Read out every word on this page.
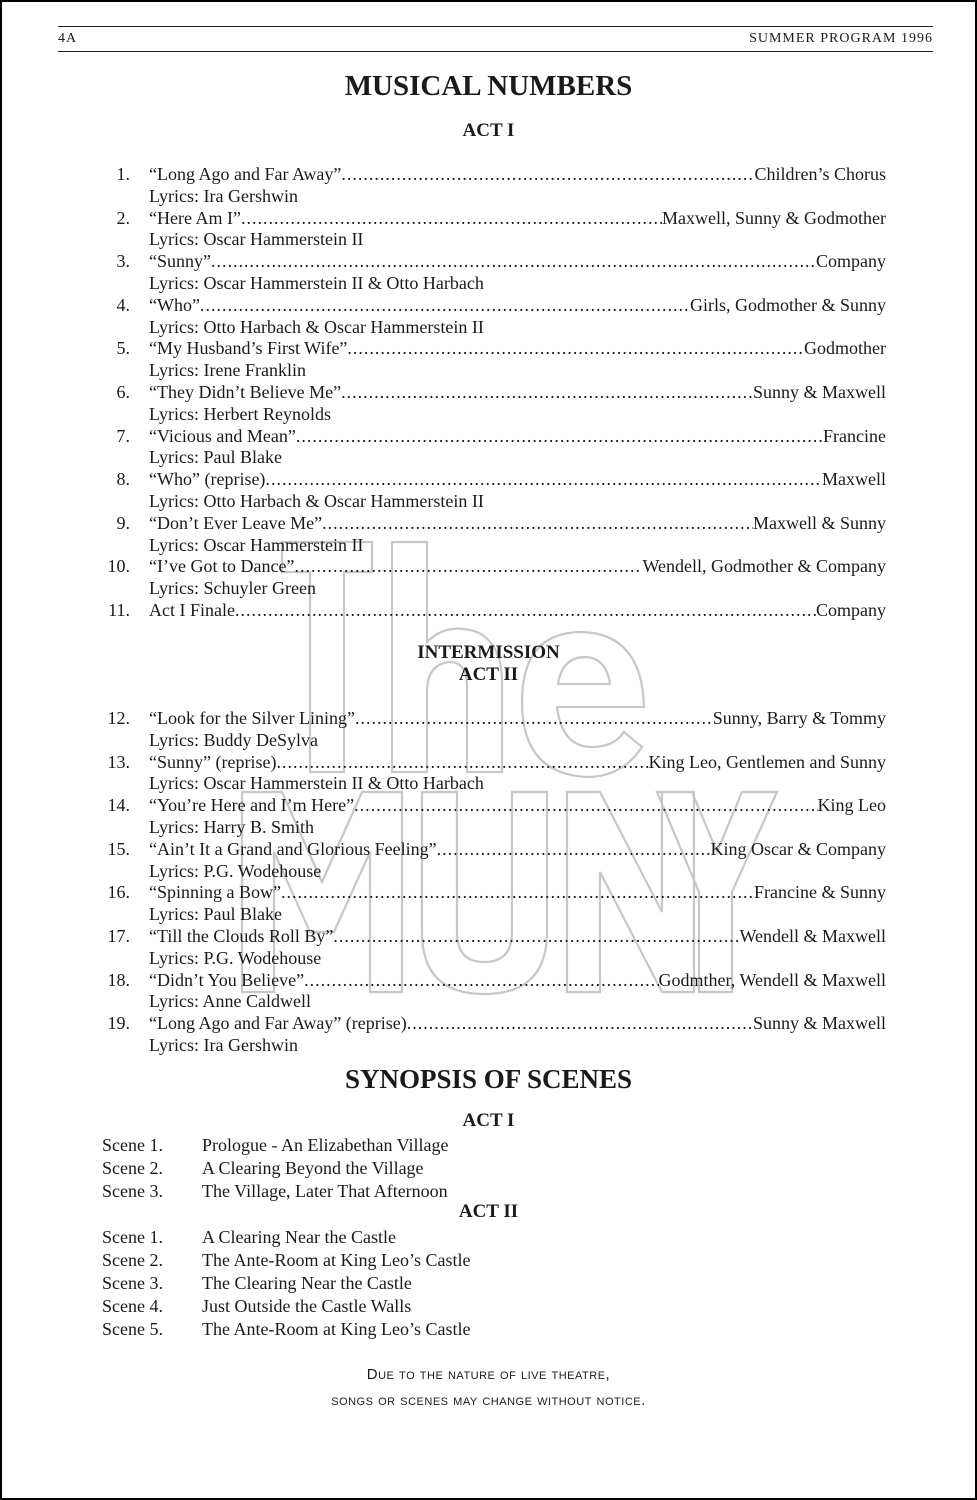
4A	SUMMER PROGRAM 1996
MUSICAL NUMBERS
ACT I
1. “Long Ago and Far Away” .....	Children’s Chorus
Lyrics: Ira Gershwin
2. “Here Am I” .....	Maxwell, Sunny & Godmother
Lyrics: Oscar Hammerstein II
3. “Sunny” .....	Company
Lyrics: Oscar Hammerstein II & Otto Harbach
4. “Who” .....	Girls, Godmother & Sunny
Lyrics: Otto Harbach & Oscar Hammerstein II
5. “My Husband’s First Wife” .....	Godmother
Lyrics: Irene Franklin
6. “They Didn’t Believe Me” .....	Sunny & Maxwell
Lyrics: Herbert Reynolds
7. “Vicious and Mean” .....	Francine
Lyrics: Paul Blake
8. “Who” (reprise) .....	Maxwell
Lyrics: Otto Harbach & Oscar Hammerstein II
9. “Don’t Ever Leave Me” .....	Maxwell & Sunny
Lyrics: Oscar Hammerstein II
10. “I’ve Got to Dance” .....	Wendell, Godmother & Company
Lyrics: Schuyler Green
11. Act I Finale .....	Company
INTERMISSION
ACT II
12. “Look for the Silver Lining” .....	Sunny, Barry & Tommy
Lyrics: Buddy DeSylva
13. “Sunny” (reprise) .....	King Leo, Gentlemen and Sunny
Lyrics: Oscar Hammerstein II & Otto Harbach
14. “You’re Here and I’m Here” .....	King Leo
Lyrics: Harry B. Smith
15. “Ain’t It a Grand and Glorious Feeling” .....	King Oscar & Company
Lyrics: P.G. Wodehouse
16. “Spinning a Bow” .....	Francine & Sunny
Lyrics: Paul Blake
17. “Till the Clouds Roll By” .....	Wendell & Maxwell
Lyrics: P.G. Wodehouse
18. “Didn’t You Believe” .....	Godmther, Wendell & Maxwell
Lyrics: Anne Caldwell
19. “Long Ago and Far Away” (reprise) .....	Sunny & Maxwell
Lyrics: Ira Gershwin
SYNOPSIS OF SCENES
ACT I
Scene 1. Prologue - An Elizabethan Village
Scene 2. A Clearing Beyond the Village
Scene 3. The Village, Later That Afternoon
ACT II
Scene 1. A Clearing Near the Castle
Scene 2. The Ante-Room at King Leo’s Castle
Scene 3. The Clearing Near the Castle
Scene 4. Just Outside the Castle Walls
Scene 5. The Ante-Room at King Leo’s Castle
Due to the nature of live theatre,
songs or scenes may change without notice.
